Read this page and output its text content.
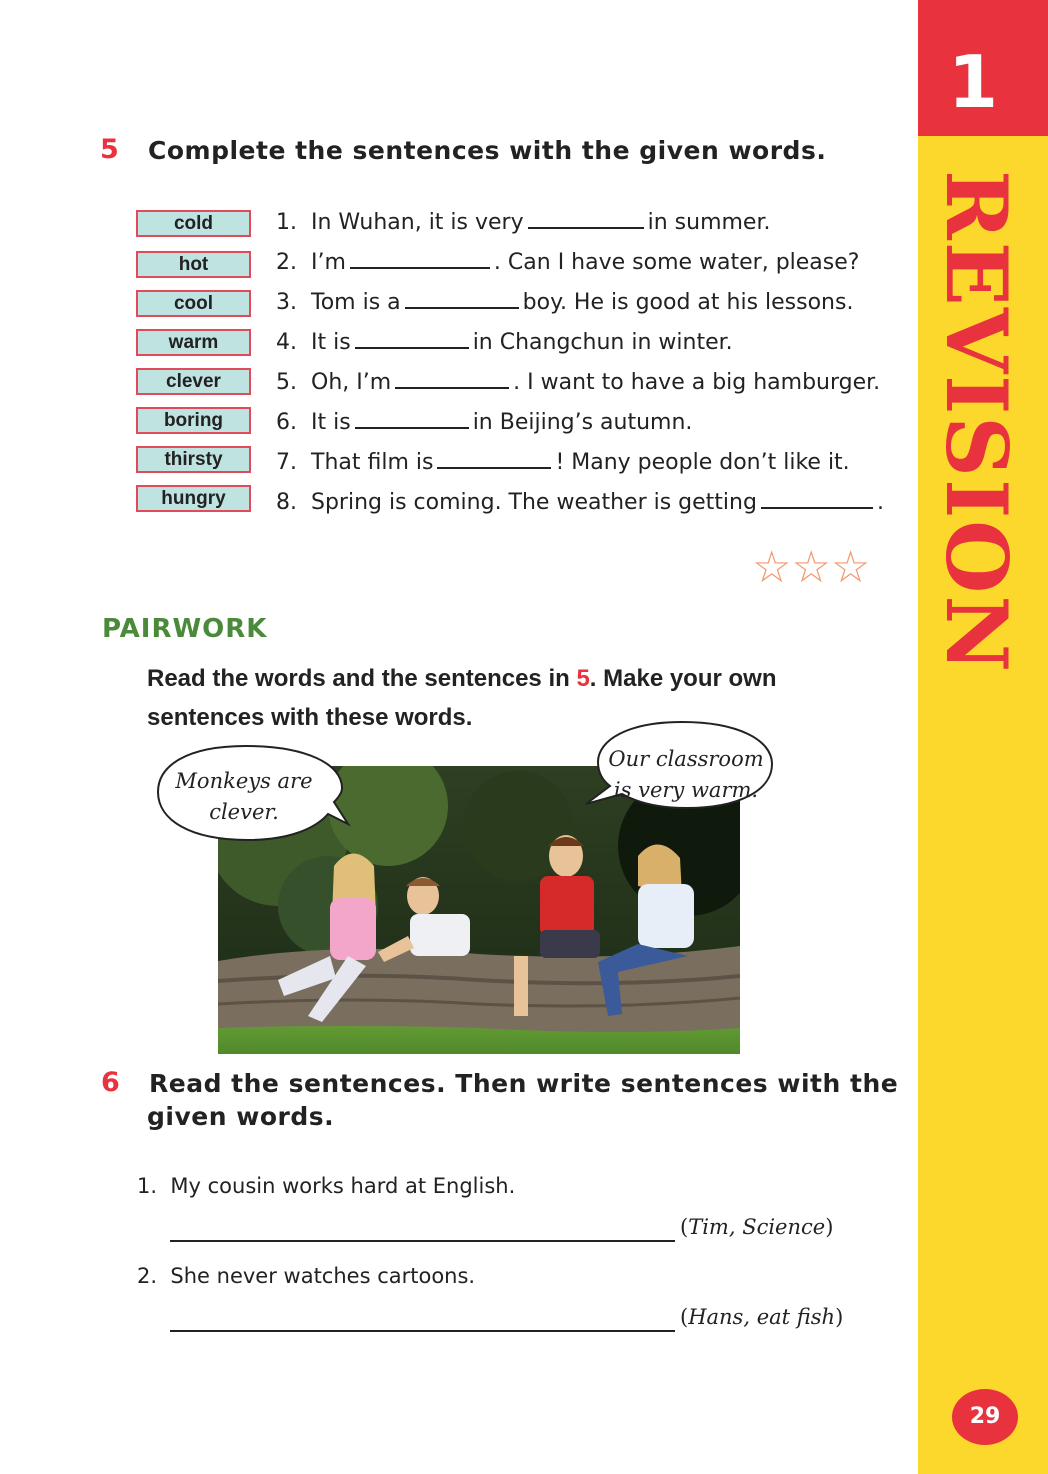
1
REVISION
29
5 Complete the sentences with the given words.
cold
hot
cool
warm
clever
boring
thirsty
hungry
1. In Wuhan, it is very	in summer.
2. I’m	. Can I have some water, please?
3. Tom is a	boy. He is good at his lessons.
4. It is	in Changchun in winter.
5. Oh, I’m	. I want to have a big hamburger.
6. It is	in Beijing’s autumn.
7. That film is	! Many people don’t like it.
8. Spring is coming. The weather is getting	.
☆☆☆
PAIRWORK
Read the words and the sentences in 5. Make your own
sentences with these words.
Monkeys are
clever.
Our classroom
is very warm.
6 Read the sentences. Then write sentences with the
given words.
1. My cousin works hard at English.
(Tim, Science)
2. She never watches cartoons.
(Hans, eat fish)
